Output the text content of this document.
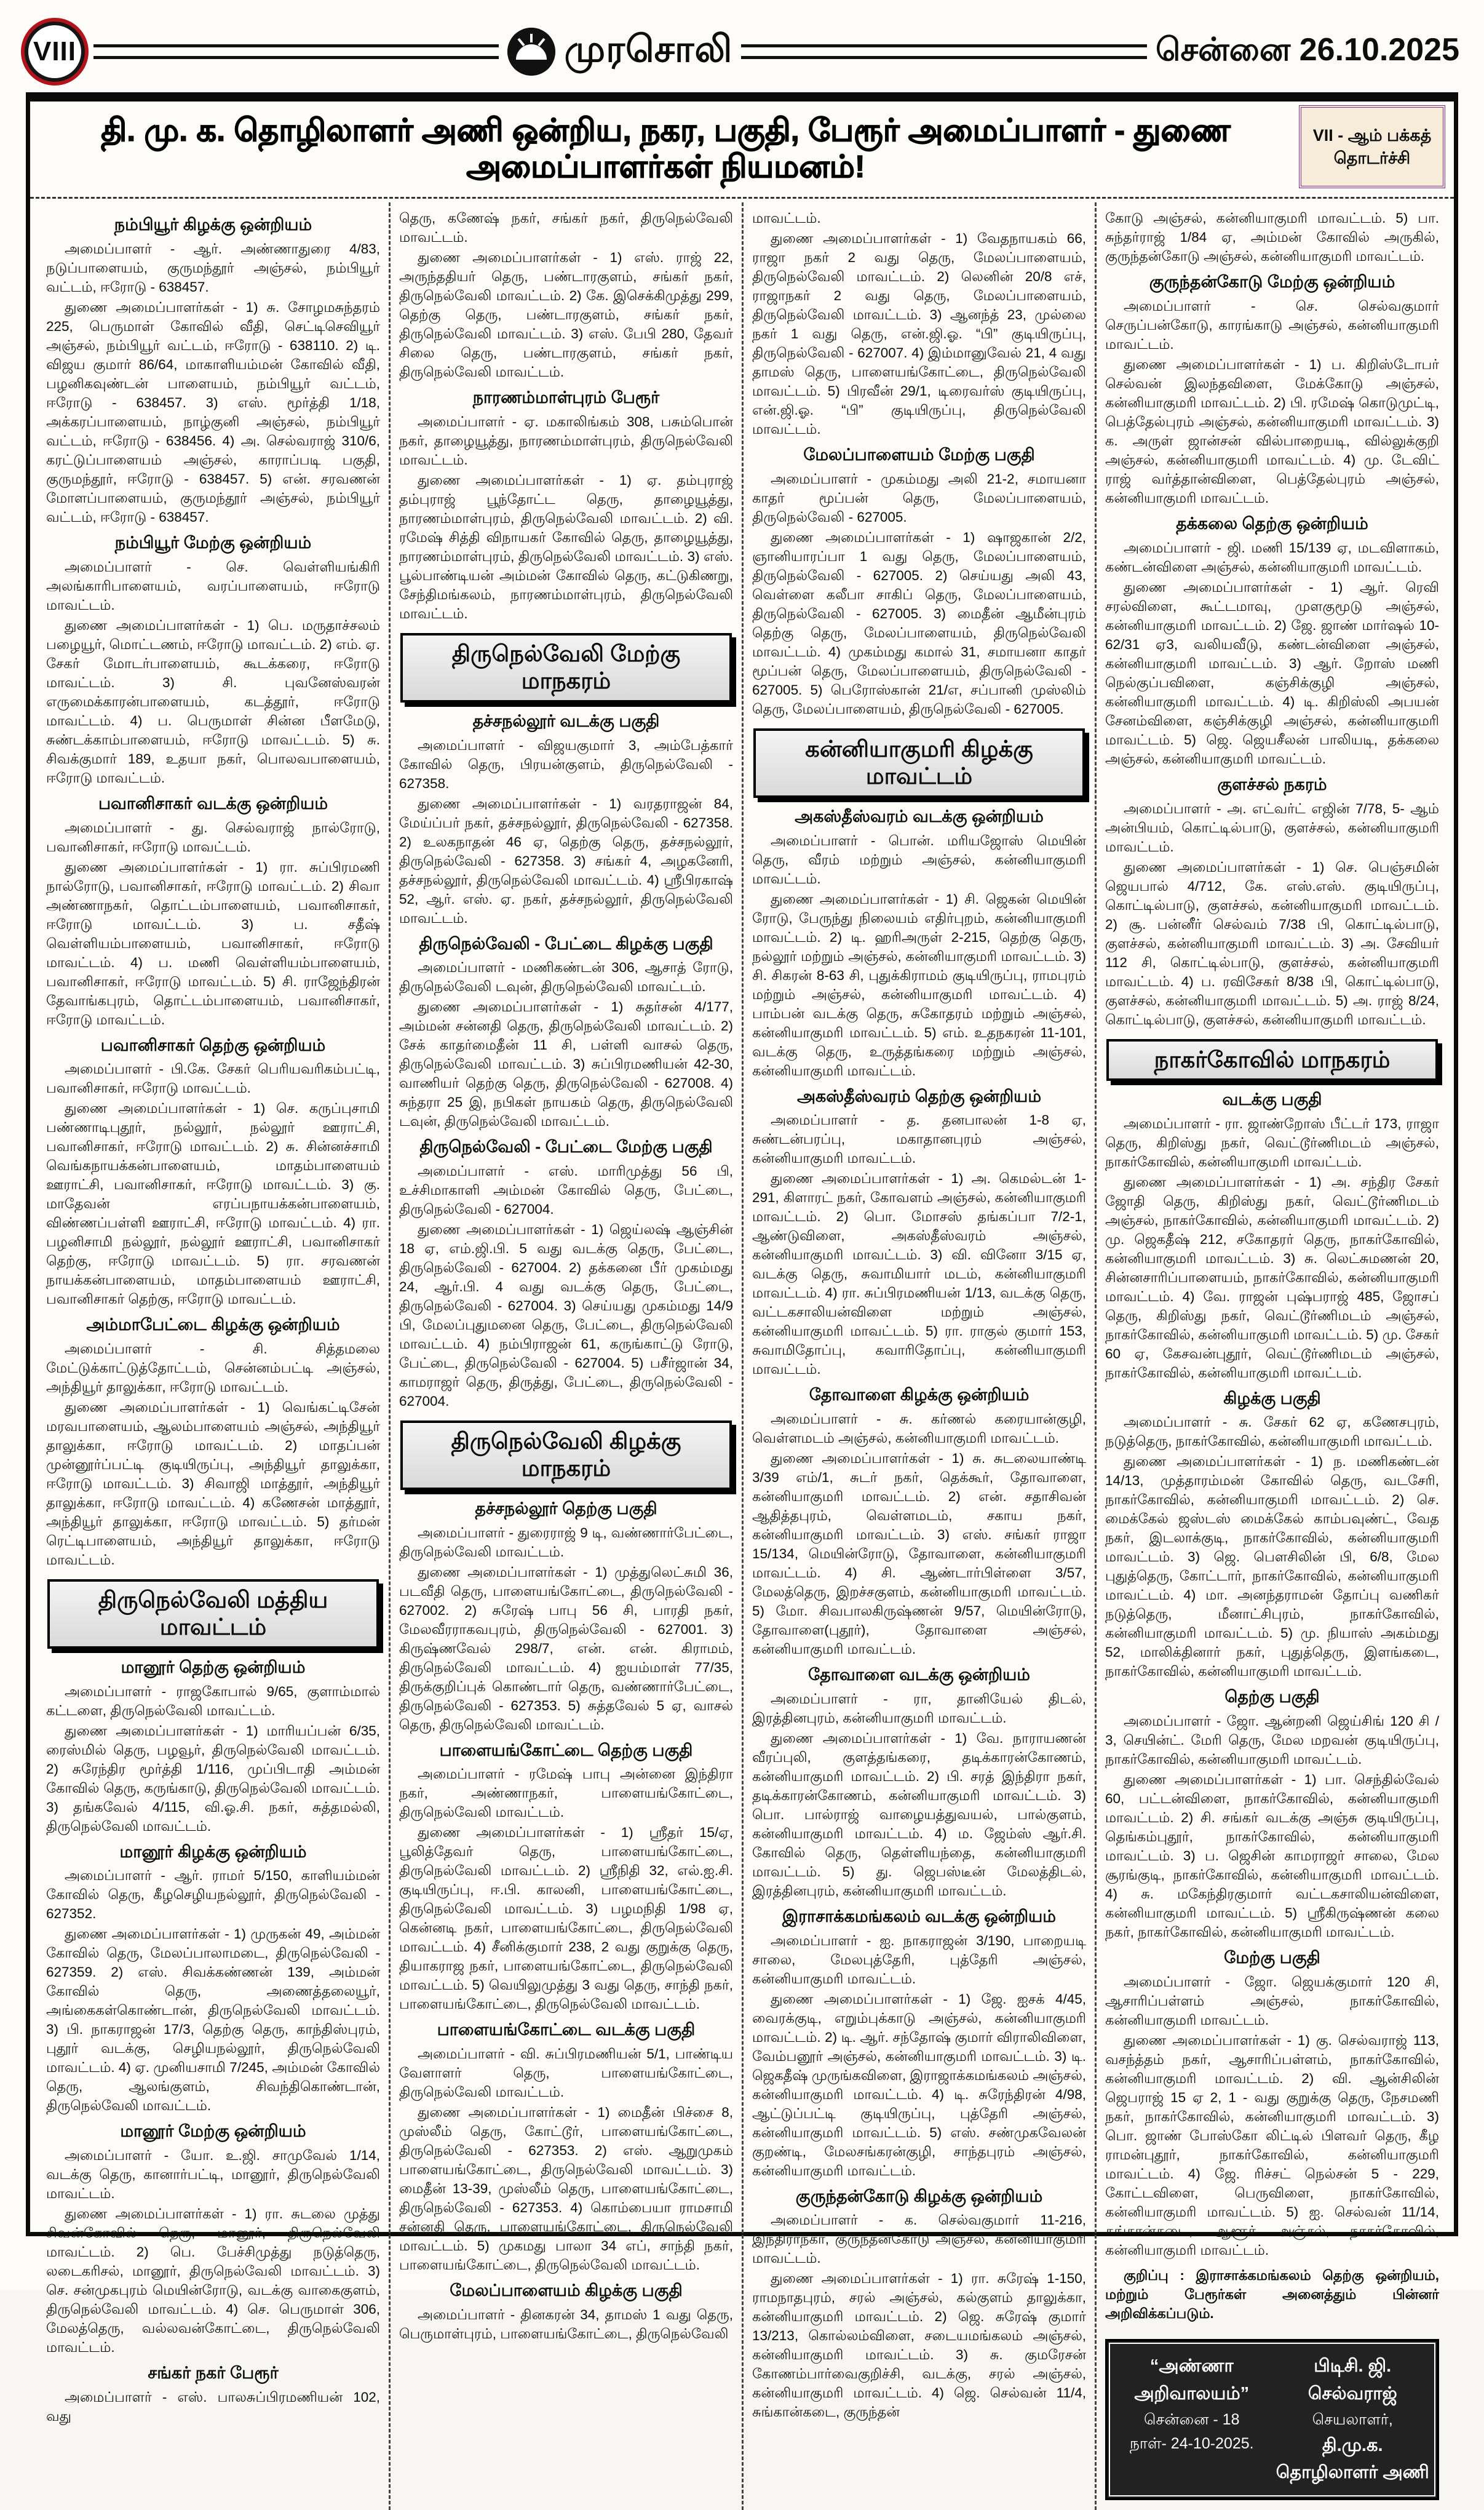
VIII	முரசொலி	சென்னை 26.10.2025
தி. மு. க. தொழிலாளர் அணி ஒன்றிய, நகர, பகுதி, பேரூர் அமைப்பாளர் - துணை அமைப்பாளர்கள் நியமனம்!
VII - ஆம் பக்கத் தொடர்ச்சி
நம்பியூர் கிழக்கு ஒன்றியம்
அமைப்பாளர் - ஆர். அண்ணாதுரை 4/83, நடுப்பாளையம், குருமந்தூர் அஞ்சல், நம்பியூர் வட்டம், ஈரோடு - 638457.
துணை அமைப்பாளர்கள் - 1) சு. சோழமசுந்தரம் 225, பெருமாள் கோவில் வீதி, செட்டிசெவியூர் அஞ்சல், நம்பியூர் வட்டம், ஈரோடு - 638110. 2) டி. விஜய குமார் 86/64, மாகாளியம்மன் கோவில் வீதி, பழனிகவுண்டன் பாளையம், நம்பியூர் வட்டம், ஈரோடு - 638457. 3) எஸ். மூர்த்தி 1/18, அக்கரப்பாளையம், நாழ்குனி அஞ்சல், நம்பியூர் வட்டம், ஈரோடு - 638456. 4) அ. செல்வராஜ் 310/6, கரட்டுப்பாளையம் அஞ்சல், காராப்படி பகுதி, குருமந்தூர், ஈரோடு - 638457. 5) என். சரவணன் மோளப்பாளையம், குருமந்தூர் அஞ்சல், நம்பியூர் வட்டம், ஈரோடு - 638457.
நம்பியூர் மேற்கு ஒன்றியம்
அமைப்பாளர் - செ. வெள்ளியங்கிரி அலங்காரிபாளையம், வரப்பாளையம், ஈரோடு மாவட்டம்.
துணை அமைப்பாளர்கள் - 1) பெ. மருதாச்சலம் பழையூர், மொட்டணம், ஈரோடு மாவட்டம். 2) எம். ஏ. சேகர் மோடர்பாளையம், கூடக்கரை, ஈரோடு மாவட்டம். 3) சி. புவனேஸ்வரன் எருமைக்காரன்பாளையம், கடத்தூர், ஈரோடு மாவட்டம். 4) ப. பெருமாள் சின்ன பீளமேடு, சுண்டக்காம்பாளையம், ஈரோடு மாவட்டம். 5) சு. சிவக்குமார் 189, உதயா நகர், பொலவபாளையம், ஈரோடு மாவட்டம்.
பவானிசாகர் வடக்கு ஒன்றியம்
அமைப்பாளர் - து. செல்வராஜ் நால்ரோடு, பவானிசாகர், ஈரோடு மாவட்டம்.
துணை அமைப்பாளர்கள் - 1) ரா. சுப்பிரமணி நால்ரோடு, பவானிசாகர், ஈரோடு மாவட்டம். 2) சிவா அண்ணாநகர், தொட்டம்பாளையம், பவானிசாகர், ஈரோடு மாவட்டம். 3) ப. சதீஷ் வெள்ளியம்பாளையம், பவானிசாகர், ஈரோடு மாவட்டம். 4) ப. மணி வெள்ளியம்பாளையம், பவானிசாகர், ஈரோடு மாவட்டம். 5) சி. ராஜேந்திரன் தேவாங்கபுரம், தொட்டம்பாளையம், பவானிசாகர், ஈரோடு மாவட்டம்.
பவானிசாகர் தெற்கு ஒன்றியம்
அமைப்பாளர் - பி.கே. சேகர் பெரியவரிகம்பட்டி, பவானிசாகர், ஈரோடு மாவட்டம்.
துணை அமைப்பாளர்கள் - 1) செ. கருப்புசாமி பண்ணாடிபுதூர், நல்லூர், நல்லூர் ஊராட்சி, பவானிசாகர், ஈரோடு மாவட்டம். 2) சு. சின்னச்சாமி வெங்கநாயக்கன்பாளையம், மாதம்பாளையம் ஊராட்சி, பவானிசாகர், ஈரோடு மாவட்டம். 3) கு. மாதேவன் எரப்பநாயக்கன்பாளையம், விண்ணப்பள்ளி ஊராட்சி, ஈரோடு மாவட்டம். 4) ரா. பழனிசாமி நல்லூர், நல்லூர் ஊராட்சி, பவானிசாகர் தெற்கு, ஈரோடு மாவட்டம். 5) ரா. சரவணன் நாயக்கன்பாளையம், மாதம்பாளையம் ஊராட்சி, பவானிசாகர் தெற்கு, ஈரோடு மாவட்டம்.
அம்மாபேட்டை கிழக்கு ஒன்றியம்
அமைப்பாளர் - சி. சித்தமலை மேட்டுக்காட்டுத்தோட்டம், சென்னம்பட்டி அஞ்சல், அந்தியூர் தாலுக்கா, ஈரோடு மாவட்டம்.
துணை அமைப்பாளர்கள் - 1) வெங்கட்டிசேன் மரவபாளையம், ஆலம்பாளையம் அஞ்சல், அந்தியூர் தாலுக்கா, ஈரோடு மாவட்டம். 2) மாதப்பன் முன்னூர்ப்பட்டி குடியிருப்பு, அந்தியூர் தாலுக்கா, ஈரோடு மாவட்டம். 3) சிவாஜி மாத்தூர், அந்தியூர் தாலுக்கா, ஈரோடு மாவட்டம். 4) கணேசன் மாத்தூர், அந்தியூர் தாலுக்கா, ஈரோடு மாவட்டம். 5) தர்மன் ரெட்டிபாளையம், அந்தியூர் தாலுக்கா, ஈரோடு மாவட்டம்.
திருநெல்வேலி மத்திய மாவட்டம்
மானூர் தெற்கு ஒன்றியம்
அமைப்பாளர் - ராஜகோபால் 9/65, குளாம்மால் கட்டளை, திருநெல்வேலி மாவட்டம்.
துணை அமைப்பாளர்கள் - 1) மாரியப்பன் 6/35, ரைஸ்மில் தெரு, பழவூர், திருநெல்வேலி மாவட்டம். 2) சுரேந்திர மூர்த்தி 1/116, முப்பிடாதி அம்மன் கோவில் தெரு, கருங்காடு, திருநெல்வேலி மாவட்டம். 3) தங்கவேல் 4/115, வி.ஓ.சி. நகர், சுத்தமல்லி, திருநெல்வேலி மாவட்டம்.
மானூர் கிழக்கு ஒன்றியம்
அமைப்பாளர் - ஆர். ராமர் 5/150, காளியம்மன் கோவில் தெரு, கீழசெழியநல்லூர், திருநெல்வேலி - 627352.
துணை அமைப்பாளர்கள் - 1) முருகன் 49, அம்மன் கோவில் தெரு, மேலப்பாலாமடை, திருநெல்வேலி - 627359. 2) எஸ். சிவக்கண்ணன் 139, அம்மன் கோவில் தெரு, அணைத்தலையூர், அங்கைகள்கொண்டான், திருநெல்வேலி மாவட்டம். 3) பி. நாகராஜன் 17/3, தெற்கு தெரு, காந்திஸ்புரம், புதூர் வடக்கு, செழியநல்லூர், திருநெல்வேலி மாவட்டம். 4) ஏ. முனியசாமி 7/245, அம்மன் கோவில் தெரு, ஆலங்குளம், சிவந்திகொண்டான், திருநெல்வேலி மாவட்டம்.
மானூர் மேற்கு ஒன்றியம்
அமைப்பாளர் - யோ. உ.ஜி. சாமுவேல் 1/14, வடக்கு தெரு, கானார்பட்டி, மானூர், திருநெல்வேலி மாவட்டம்.
துணை அமைப்பாளர்கள் - 1) ரா. சுடலை முத்து சிவன்கோவில் தெரு, மானூர், திருநெல்வேலி மாவட்டம். 2) பெ. பேச்சிமுத்து நடுத்தெரு, லடைகரிசல், மானூர், திருநெல்வேலி மாவட்டம். 3) செ. சன்முகபுரம் மெயின்ரோடு, வடக்கு வாகைகுளம், திருநெல்வேலி மாவட்டம். 4) செ. பெருமாள் 306, மேலத்தெரு, வல்லவன்கோட்டை, திருநெல்வேலி மாவட்டம்.
சங்கர் நகர் பேரூர்
அமைப்பாளர் - எஸ். பாலசுப்பிரமணியன் 102, வது
தெரு, கணேஷ் நகர், சங்கர் நகர், திருநெல்வேலி மாவட்டம்.
துணை அமைப்பாளர்கள் - 1) எஸ். ராஜ் 22, அருந்ததியர் தெரு, பண்டாரகுளம், சங்கர் நகர், திருநெல்வேலி மாவட்டம். 2) கே. இசெக்கிமுத்து 299, தெற்கு தெரு, பண்டாரகுளம், சங்கர் நகர், திருநெல்வேலி மாவட்டம். 3) எஸ். பேபி 280, தேவர் சிலை தெரு, பண்டாரகுளம், சங்கர் நகர், திருநெல்வேலி மாவட்டம்.
நாரணம்மாள்புரம் பேரூர்
அமைப்பாளர் - ஏ. மகாலிங்கம் 308, பசும்பொன் நகர், தாழையூத்து, நாரணம்மாள்புரம், திருநெல்வேலி மாவட்டம்.
துணை அமைப்பாளர்கள் - 1) ஏ. தம்புராஜ் தம்புராஜ் பூந்தோட்ட தெரு, தாழையூத்து, நாரணம்மாள்புரம், திருநெல்வேலி மாவட்டம். 2) வி. ரமேஷ் சித்தி விநாயகர் கோவில் தெரு, தாழையூத்து, நாரணம்மாள்புரம், திருநெல்வேலி மாவட்டம். 3) எஸ். பூல்பாண்டியன் அம்மன் கோவில் தெரு, கட்டுகிணறு, சேந்திமங்கலம், நாரணம்மாள்புரம், திருநெல்வேலி மாவட்டம்.
திருநெல்வேலி மேற்கு மாநகரம்
தச்சநல்லூர் வடக்கு பகுதி
அமைப்பாளர் - விஜயகுமார் 3, அம்பேத்கார் கோவில் தெரு, பிரயன்குளம், திருநெல்வேலி - 627358.
துணை அமைப்பாளர்கள் - 1) வரதராஜன் 84, மேய்ப்பர் நகர், தச்சநல்லூர், திருநெல்வேலி - 627358. 2) உலகநாதன் 46 ஏ, தெற்கு தெரு, தச்சநல்லூர், திருநெல்வேலி - 627358. 3) சங்கர் 4, அழகனேரி, தச்சநல்லூர், திருநெல்வேலி மாவட்டம். 4) ஸ்ரீபிரகாஷ் 52, ஆர். எஸ். ஏ. நகர், தச்சநல்லூர், திருநெல்வேலி மாவட்டம்.
திருநெல்வேலி - பேட்டை கிழக்கு பகுதி
அமைப்பாளர் - மணிகண்டன் 306, ஆசாத் ரோடு, திருநெல்வேலி டவுன், திருநெல்வேலி மாவட்டம்.
துணை அமைப்பாளர்கள் - 1) சுதர்சன் 4/177, அம்மன் சன்னதி தெரு, திருநெல்வேலி மாவட்டம். 2) சேக் காதர்மைதீன் 11 சி, பள்ளி வாசல் தெரு, திருநெல்வேலி மாவட்டம். 3) சுப்பிரமணியன் 42-30, வாணியர் தெற்கு தெரு, திருநெல்வேலி - 627008. 4) சுந்தரா 25 இ, நபிகள் நாயகம் தெரு, திருநெல்வேலி டவுன், திருநெல்வேலி மாவட்டம்.
திருநெல்வேலி - பேட்டை மேற்கு பகுதி
அமைப்பாளர் - எஸ். மாரிமுத்து 56 பி, உச்சிமாகாளி அம்மன் கோவில் தெரு, பேட்டை, திருநெல்வேலி - 627004.
துணை அமைப்பாளர்கள் - 1) ஜெய்லஷ் ஆஞ்சின் 18 ஏ, எம்.ஜி.பி. 5 வது வடக்கு தெரு, பேட்டை, திருநெல்வேலி - 627004. 2) தக்கனை பீர் முகம்மது 24, ஆர்.பி. 4 வது வடக்கு தெரு, பேட்டை, திருநெல்வேலி - 627004. 3) செய்யது முகம்மது 14/9 பி, மேலப்புதுமனை தெரு, பேட்டை, திருநெல்வேலி மாவட்டம். 4) நம்பிராஜன் 61, கருங்காட்டு ரோடு, பேட்டை, திருநெல்வேலி - 627004. 5) பசீர்ஜான் 34, காமராஜர் தெரு, திருத்து, பேட்டை, திருநெல்வேலி - 627004.
திருநெல்வேலி கிழக்கு மாநகரம்
தச்சநல்லூர் தெற்கு பகுதி
அமைப்பாளர் - துரைராஜ் 9 டி, வண்ணார்பேட்டை, திருநெல்வேலி மாவட்டம்.
துணை அமைப்பாளர்கள் - 1) முத்துலெட்சுமி 36, படவீதி தெரு, பாளையங்கோட்டை, திருநெல்வேலி - 627002. 2) சுரேஷ் பாபு 56 சி, பாரதி நகர், மேலவீரராகவபுரம், திருநெல்வேலி - 627001. 3) கிருஷ்ணவேல் 298/7, என். என். கிராமம், திருநெல்வேலி மாவட்டம். 4) ஐயம்மாள் 77/35, திருக்குறிப்புக் கொண்டார் தெரு, வண்ணார்பேட்டை, திருநெல்வேலி - 627353. 5) சுத்தவேல் 5 ஏ, வாசல் தெரு, திருநெல்வேலி மாவட்டம்.
பாளையங்கோட்டை தெற்கு பகுதி
அமைப்பாளர் - ரமேஷ் பாபு அன்னை இந்திரா நகர், அண்ணாநகர், பாளையங்கோட்டை, திருநெல்வேலி மாவட்டம்.
துணை அமைப்பாளர்கள் - 1) ஸ்ரீதர் 15/ஏ, பூலித்தேவர் தெரு, பாளையங்கோட்டை, திருநெல்வேலி மாவட்டம். 2) ஸ்ரீநிதி 32, எல்.ஐ.சி. குடியிருப்பு, ஈ.பி. காலனி, பாளையங்கோட்டை, திருநெல்வேலி மாவட்டம். 3) பழமநிதி 1/98 ஏ, கென்னடி நகர், பாளையங்கோட்டை, திருநெல்வேலி மாவட்டம். 4) சீனிக்குமார் 238, 2 வது குறுக்கு தெரு, தியாகராஜ நகர், பாளையங்கோட்டை, திருநெல்வேலி மாவட்டம். 5) வெயிலுமுத்து 3 வது தெரு, சாந்தி நகர், பாளையங்கோட்டை, திருநெல்வேலி மாவட்டம்.
பாளையங்கோட்டை வடக்கு பகுதி
அமைப்பாளர் - வி. சுப்பிரமணியன் 5/1, பாண்டிய வேளாளர் தெரு, பாளையங்கோட்டை, திருநெல்வேலி மாவட்டம்.
துணை அமைப்பாளர்கள் - 1) மைதீன் பிச்சை 8, முஸ்லீம் தெரு, கோட்டூர், பாளையங்கோட்டை, திருநெல்வேலி - 627353. 2) எஸ். ஆறுமுகம் பாளையங்கோட்டை, திருநெல்வேலி மாவட்டம். 3) மைதீன் 13-39, முஸ்லீம் தெரு, பாளையங்கோட்டை, திருநெல்வேலி - 627353. 4) கொம்பையா ராமசாமி சன்னதி தெரு, பாளையங்கோட்டை, திருநெல்வேலி மாவட்டம். 5) முகமது பாலா 34 எப், சாந்தி நகர், பாளையங்கோட்டை, திருநெல்வேலி மாவட்டம்.
மேலப்பாளையம் கிழக்கு பகுதி
அமைப்பாளர் - தினகரன் 34, தாமஸ் 1 வது தெரு, பெருமாள்புரம், பாளையங்கோட்டை, திருநெல்வேலி
மாவட்டம்.
துணை அமைப்பாளர்கள் - 1) வேதநாயகம் 66, ராஜா நகர் 2 வது தெரு, மேலப்பாளையம், திருநெல்வேலி மாவட்டம். 2) லெனின் 20/8 எச், ராஜாநகர் 2 வது தெரு, மேலப்பாளையம், திருநெல்வேலி மாவட்டம். 3) ஆனந்த் 23, முல்லை நகர் 1 வது தெரு, என்.ஜி.ஓ. “பி” குடியிருப்பு, திருநெல்வேலி - 627007. 4) இம்மானுவேல் 21, 4 வது தாமஸ் தெரு, பாளையங்கோட்டை, திருநெல்வேலி மாவட்டம். 5) பிரவீன் 29/1, டிரைவர்ஸ் குடியிருப்பு, என்.ஜி.ஓ. “பி” குடியிருப்பு, திருநெல்வேலி மாவட்டம்.
மேலப்பாளையம் மேற்கு பகுதி
அமைப்பாளர் - முகம்மது அலி 21-2, சமாயனா காதர் மூப்பன் தெரு, மேலப்பாளையம், திருநெல்வேலி - 627005.
துணை அமைப்பாளர்கள் - 1) ஷாஜகான் 2/2, ஞானியாரப்பா 1 வது தெரு, மேலப்பாளையம், திருநெல்வேலி - 627005. 2) செய்யது அலி 43, வெள்ளை கலீபா சாகிப் தெரு, மேலப்பாளையம், திருநெல்வேலி - 627005. 3) மைதீன் ஆமீன்புரம் தெற்கு தெரு, மேலப்பாளையம், திருநெல்வேலி மாவட்டம். 4) முகம்மது கமால் 31, சமாயனா காதர் மூப்பன் தெரு, மேலப்பாளையம், திருநெல்வேலி - 627005. 5) பெரோஸ்கான் 21/எ, சப்பானி முஸ்லிம் தெரு, மேலப்பாளையம், திருநெல்வேலி - 627005.
கன்னியாகுமரி கிழக்கு மாவட்டம்
அகஸ்தீஸ்வரம் வடக்கு ஒன்றியம்
அமைப்பாளர் - பொன். மரியஜோஸ் மெயின் தெரு, வீரம் மற்றும் அஞ்சல், கன்னியாகுமரி மாவட்டம்.
துணை அமைப்பாளர்கள் - 1) சி. ஜெகன் மெயின் ரோடு, பேருந்து நிலையம் எதிர்புறம், கன்னியாகுமரி மாவட்டம். 2) டி. ஹரிஅருள் 2-215, தெற்கு தெரு, நல்லூர் மற்றும் அஞ்சல், கன்னியாகுமரி மாவட்டம். 3) சி. சிகரன் 8-63 சி, புதுக்கிராமம் குடியிருப்பு, ராமபுரம் மற்றும் அஞ்சல், கன்னியாகுமரி மாவட்டம். 4) பாம்பன் வடக்கு தெரு, சுகோதரம் மற்றும் அஞ்சல், கன்னியாகுமரி மாவட்டம். 5) எம். உதநகரன் 11-101, வடக்கு தெரு, உருத்தங்கரை மற்றும் அஞ்சல், கன்னியாகுமரி மாவட்டம்.
அகஸ்தீஸ்வரம் தெற்கு ஒன்றியம்
அமைப்பாளர் - த. தனபாலன் 1-8 ஏ, சுண்டன்பரப்பு, மகாதானபுரம் அஞ்சல், கன்னியாகுமரி மாவட்டம்.
துணை அமைப்பாளர்கள் - 1) அ. கெமல்டன் 1-291, கிளாரட் நகர், கோவளம் அஞ்சல், கன்னியாகுமரி மாவட்டம். 2) பொ. மோசஸ் தங்கப்பா 7/2-1, ஆண்டுவிளை, அகஸ்தீஸ்வரம் அஞ்சல், கன்னியாகுமரி மாவட்டம். 3) வி. வினோ 3/15 ஏ, வடக்கு தெரு, சுவாமியார் மடம், கன்னியாகுமரி மாவட்டம். 4) ரா. சுப்பிரமணியன் 1/13, வடக்கு தெரு, வட்டகசாலியன்விளை மற்றும் அஞ்சல், கன்னியாகுமரி மாவட்டம். 5) ரா. ராகுல் குமார் 153, சுவாமிதோப்பு, கவாரிதோப்பு, கன்னியாகுமரி மாவட்டம்.
தோவாளை கிழக்கு ஒன்றியம்
அமைப்பாளர் - சு. கர்ணல் கரையான்குழி, வெள்ளமடம் அஞ்சல், கன்னியாகுமரி மாவட்டம்.
துணை அமைப்பாளர்கள் - 1) சு. சுடலையாண்டி 3/39 எம்/1, சுடர் நகர், தெக்கூர், தோவாளை, கன்னியாகுமரி மாவட்டம். 2) என். சதாசிவன் ஆதித்தபுரம், வெள்ளமடம், சகாய நகர், கன்னியாகுமரி மாவட்டம். 3) எஸ். சங்கர் ராஜா 15/134, மெயின்ரோடு, தோவாளை, கன்னியாகுமரி மாவட்டம். 4) சி. ஆண்டார்பிள்ளை 3/57, மேலத்தெரு, இறச்சகுளம், கன்னியாகுமரி மாவட்டம். 5) மோ. சிவபாலகிருஷ்ணன் 9/57, மெயின்ரோடு, தோவாளை(புதூர்), தோவாளை அஞ்சல், கன்னியாகுமரி மாவட்டம்.
தோவாளை வடக்கு ஒன்றியம்
அமைப்பாளர் - ரா, தானியேல் திடல், இரத்தினபுரம், கன்னியாகுமரி மாவட்டம்.
துணை அமைப்பாளர்கள் - 1) வே. நாராயணன் வீரப்புலி, குளத்தங்கரை, தடிக்காரன்கோணம், கன்னியாகுமரி மாவட்டம். 2) பி. சரத் இந்திரா நகர், தடிக்காரன்கோணம், கன்னியாகுமரி மாவட்டம். 3) பொ. பால்ராஜ் வாழையத்துவயல், பால்குளம், கன்னியாகுமரி மாவட்டம். 4) ம. ஜேம்ஸ் ஆர்.சி. கோவில் தெரு, தெள்ளியந்தை, கன்னியாகுமரி மாவட்டம். 5) து. ஜெபஸ்டீன் மேலத்திடல், இரத்தினபுரம், கன்னியாகுமரி மாவட்டம்.
இராசாக்கமங்கலம் வடக்கு ஒன்றியம்
அமைப்பாளர் - ஐ. நாகராஜன் 3/190, பாறையடி சாலை, மேலபுத்தேரி, புத்தேரி அஞ்சல், கன்னியாகுமரி மாவட்டம்.
துணை அமைப்பாளர்கள் - 1) ஜே. ஐசக் 4/45, வைரக்குடி, எறும்புக்காடு அஞ்சல், கன்னியாகுமரி மாவட்டம். 2) டி. ஆர். சந்தோஷ் குமார் விராலிவிளை, வேம்பனூர் அஞ்சல், கன்னியாகுமரி மாவட்டம். 3) டி. ஜெகதீஷ் முருங்கவிளை, இராஜாக்கமங்கலம் அஞ்சல், கன்னியாகுமரி மாவட்டம். 4) டி. சுரேந்திரன் 4/98, ஆட்டுப்பட்டி குடியிருப்பு, புத்தேரி அஞ்சல், கன்னியாகுமரி மாவட்டம். 5) எஸ். சண்முகவேலன் குறண்டி, மேலசங்கரன்குழி, சாந்தபுரம் அஞ்சல், கன்னியாகுமரி மாவட்டம்.
குருந்தன்கோடு கிழக்கு ஒன்றியம்
அமைப்பாளர் - க. செல்வகுமார் 11-216, இந்திராநகர், குருந்தன்கோடு அஞ்சல், கன்னியாகுமரி மாவட்டம்.
துணை அமைப்பாளர்கள் - 1) ரா. சுரேஷ் 1-150, ராமநாதபுரம், சரல் அஞ்சல், கல்குளம் தாலுக்கா, கன்னியாகுமரி மாவட்டம். 2) ஜெ. சுரேஷ் குமார் 13/213, கொல்லம்விளை, சடையமங்கலம் அஞ்சல், கன்னியாகுமரி மாவட்டம். 3) சு. குமரேசன் கோணம்பார்வைகுறிச்சி, வடக்கு, சரல் அஞ்சல், கன்னியாகுமரி மாவட்டம். 4) ஜெ. செல்வன் 11/4, சுங்கான்கடை, குருந்தன்
கோடு அஞ்சல், கன்னியாகுமரி மாவட்டம். 5) பா. சுந்தர்ராஜ் 1/84 ஏ, அம்மன் கோவில் அருகில், குருந்தன்கோடு அஞ்சல், கன்னியாகுமரி மாவட்டம்.
குருந்தன்கோடு மேற்கு ஒன்றியம்
அமைப்பாளர் - செ. செல்வகுமார் செருப்பன்கோடு, காரங்காடு அஞ்சல், கன்னியாகுமரி மாவட்டம்.
துணை அமைப்பாளர்கள் - 1) ப. கிறிஸ்டோபர் செல்வன் இலந்தவிளை, மேக்கோடு அஞ்சல், கன்னியாகுமரி மாவட்டம். 2) பி. ரமேஷ் கொடுமுட்டி, பெத்தேல்புரம் அஞ்சல், கன்னியாகுமரி மாவட்டம். 3) க. அருள் ஜான்சன் வில்பாறையடி, வில்லுக்குறி அஞ்சல், கன்னியாகுமரி மாவட்டம். 4) மு. டேவிட் ராஜ் வர்த்தான்விளை, பெத்தேல்புரம் அஞ்சல், கன்னியாகுமரி மாவட்டம்.
தக்கலை தெற்கு ஒன்றியம்
அமைப்பாளர் - ஜி. மணி 15/139 ஏ, மடவிளாகம், கண்டன்விளை அஞ்சல், கன்னியாகுமரி மாவட்டம்.
துணை அமைப்பாளர்கள் - 1) ஆர். ரெவி சரல்விளை, கூட்டமாவு, முளகுமூடு அஞ்சல், கன்னியாகுமரி மாவட்டம். 2) ஜே. ஜாண் மார்ஷல் 10-62/31 ஏ3, வலியவீடு, கண்டன்விளை அஞ்சல், கன்னியாகுமரி மாவட்டம். 3) ஆர். றோஸ் மணி நெல்குப்பவிளை, கஞ்சிக்குழி அஞ்சல், கன்னியாகுமரி மாவட்டம். 4) டி. கிறிஸ்லி அபயன் சேனம்விளை, கஞ்சிக்குழி அஞ்சல், கன்னியாகுமரி மாவட்டம். 5) ஜெ. ஜெயசீலன் பாலியடி, தக்கலை அஞ்சல், கன்னியாகுமரி மாவட்டம்.
குளச்சல் நகரம்
அமைப்பாளர் - அ. எட்வர்ட் எஜின் 7/78, 5- ஆம் அன்பியம், கொட்டில்பாடு, குளச்சல், கன்னியாகுமரி மாவட்டம்.
துணை அமைப்பாளர்கள் - 1) செ. பெஞ்சமின் ஜெயபால் 4/712, கே. எஸ்.எஸ். குடியிருப்பு, கொட்டில்பாடு, குளச்சல், கன்னியாகுமரி மாவட்டம். 2) சூ. பன்னீர் செல்வம் 7/38 பி, கொட்டில்பாடு, குளச்சல், கன்னியாகுமரி மாவட்டம். 3) அ. சேவியர் 112 சி, கொட்டில்பாடு, குளச்சல், கன்னியாகுமரி மாவட்டம். 4) ப. ரவிசேகர் 8/38 பி, கொட்டில்பாடு, குளச்சல், கன்னியாகுமரி மாவட்டம். 5) அ. ராஜ் 8/24, கொட்டில்பாடு, குளச்சல், கன்னியாகுமரி மாவட்டம்.
நாகர்கோவில் மாநகரம்
வடக்கு பகுதி
அமைப்பாளர் - ரா. ஜாண்றோஸ் பீட்டர் 173, ராஜா தெரு, கிறிஸ்து நகர், வெட்டூர்ணிமடம் அஞ்சல், நாகர்கோவில், கன்னியாகுமரி மாவட்டம்.
துணை அமைப்பாளர்கள் - 1) அ. சந்திர சேகர் ஜோதி தெரு, கிறிஸ்து நகர், வெட்டூர்ணிமடம் அஞ்சல், நாகர்கோவில், கன்னியாகுமரி மாவட்டம். 2) மு. ஜெகதீஷ் 212, சகோதரர் தெரு, நாகர்கோவில், கன்னியாகுமரி மாவட்டம். 3) சு. லெட்சுமணன் 20, சின்னசாரிப்பாளையம், நாகர்கோவில், கன்னியாகுமரி மாவட்டம். 4) வே. ராஜன் புஷ்பராஜ் 485, ஜோசப் தெரு, கிறிஸ்து நகர், வெட்டூர்ணிமடம் அஞ்சல், நாகர்கோவில், கன்னியாகுமரி மாவட்டம். 5) மு. சேகர் 60 ஏ, கேசவன்புதூர், வெட்டூர்ணிமடம் அஞ்சல், நாகர்கோவில், கன்னியாகுமரி மாவட்டம்.
கிழக்கு பகுதி
அமைப்பாளர் - சு. சேகர் 62 ஏ, கணேசபுரம், நடுத்தெரு, நாகர்கோவில், கன்னியாகுமரி மாவட்டம்.
துணை அமைப்பாளர்கள் - 1) ந. மணிகண்டன் 14/13, முத்தாரம்மன் கோவில் தெரு, வடசேரி, நாகர்கோவில், கன்னியாகுமரி மாவட்டம். 2) செ. மைக்கேல் ஜஸ்டஸ் மைக்கேல் காம்பவுண்ட், வேத நகர், இடலாக்குடி, நாகர்கோவில், கன்னியாகுமரி மாவட்டம். 3) ஜெ. பௌசிலின் பி, 6/8, மேல புதுத்தெரு, கோட்டார், நாகர்கோவில், கன்னியாகுமரி மாவட்டம். 4) மா. அனந்தராமன் தோப்பு வணிகர் நடுத்தெரு, மீனாட்சிபுரம், நாகர்கோவில், கன்னியாகுமரி மாவட்டம். 5) மு. நியாஸ் அகம்மது 52, மாலிக்தினார் நகர், புதுத்தெரு, இளங்கடை, நாகர்கோவில், கன்னியாகுமரி மாவட்டம்.
தெற்கு பகுதி
அமைப்பாளர் - ஜோ. ஆன்றனி ஜெய்சிங் 120 சி / 3, செயின்ட். மேரி தெரு, மேல மறவன் குடியிருப்பு, நாகர்கோவில், கன்னியாகுமரி மாவட்டம்.
துணை அமைப்பாளர்கள் - 1) பா. செந்தில்வேல் 60, பட்டன்விளை, நாகர்கோவில், கன்னியாகுமரி மாவட்டம். 2) சி. சங்கர் வடக்கு அஞ்சு குடியிருப்பு, தெங்கம்புதூர், நாகர்கோவில், கன்னியாகுமரி மாவட்டம். 3) ப. ஜெசின் காமராஜர் சாலை, மேல சூரங்குடி, நாகர்கோவில், கன்னியாகுமரி மாவட்டம். 4) சு. மகேந்திரகுமார் வட்டகசாலியன்விளை, கன்னியாகுமரி மாவட்டம். 5) ஸ்ரீகிருஷ்ணன் கலை நகர், நாகர்கோவில், கன்னியாகுமரி மாவட்டம்.
மேற்கு பகுதி
அமைப்பாளர் - ஜோ. ஜெயக்குமார் 120 சி, ஆசாரிப்பள்ளம் அஞ்சல், நாகர்கோவில், கன்னியாகுமரி மாவட்டம்.
துணை அமைப்பாளர்கள் - 1) கு. செல்வராஜ் 113, வசந்த்தம் நகர், ஆசாரிப்பள்ளம், நாகர்கோவில், கன்னியாகுமரி மாவட்டம். 2) வி. ஆன்சிலின் ஜெபராஜ் 15 ஏ 2, 1 - வது குறுக்கு தெரு, நேசமணி நகர், நாகர்கோவில், கன்னியாகுமரி மாவட்டம். 3) பொ. ஜாண் போஸ்கோ லிட்டில் பிளவர் தெரு, கீழ ராமன்புதூர், நாகர்கோவில், கன்னியாகுமரி மாவட்டம். 4) ஜே. ரிச்சட் நெல்சன் 5 - 229, கோட்டவிளை, பெருவிளை, நாகர்கோவில், கன்னியாகுமரி மாவட்டம். 5) ஐ. செல்வன் 11/14, சுங்கான்கடை, ஆளூர் அஞ்சல், நாகர்கோவில், கன்னியாகுமரி மாவட்டம்.
குறிப்பு : இராசாக்கமங்கலம் தெற்கு ஒன்றியம், மற்றும் பேரூர்கள் அனைத்தும் பின்னர் அறிவிக்கப்படும்.
“அண்ணா அறிவாலயம்”
சென்னை - 18
நாள்- 24-10-2025.
பிடிசி. ஜி. செல்வராஜ்
செயலாளர்,
தி.மு.க. தொழிலாளர் அணி
